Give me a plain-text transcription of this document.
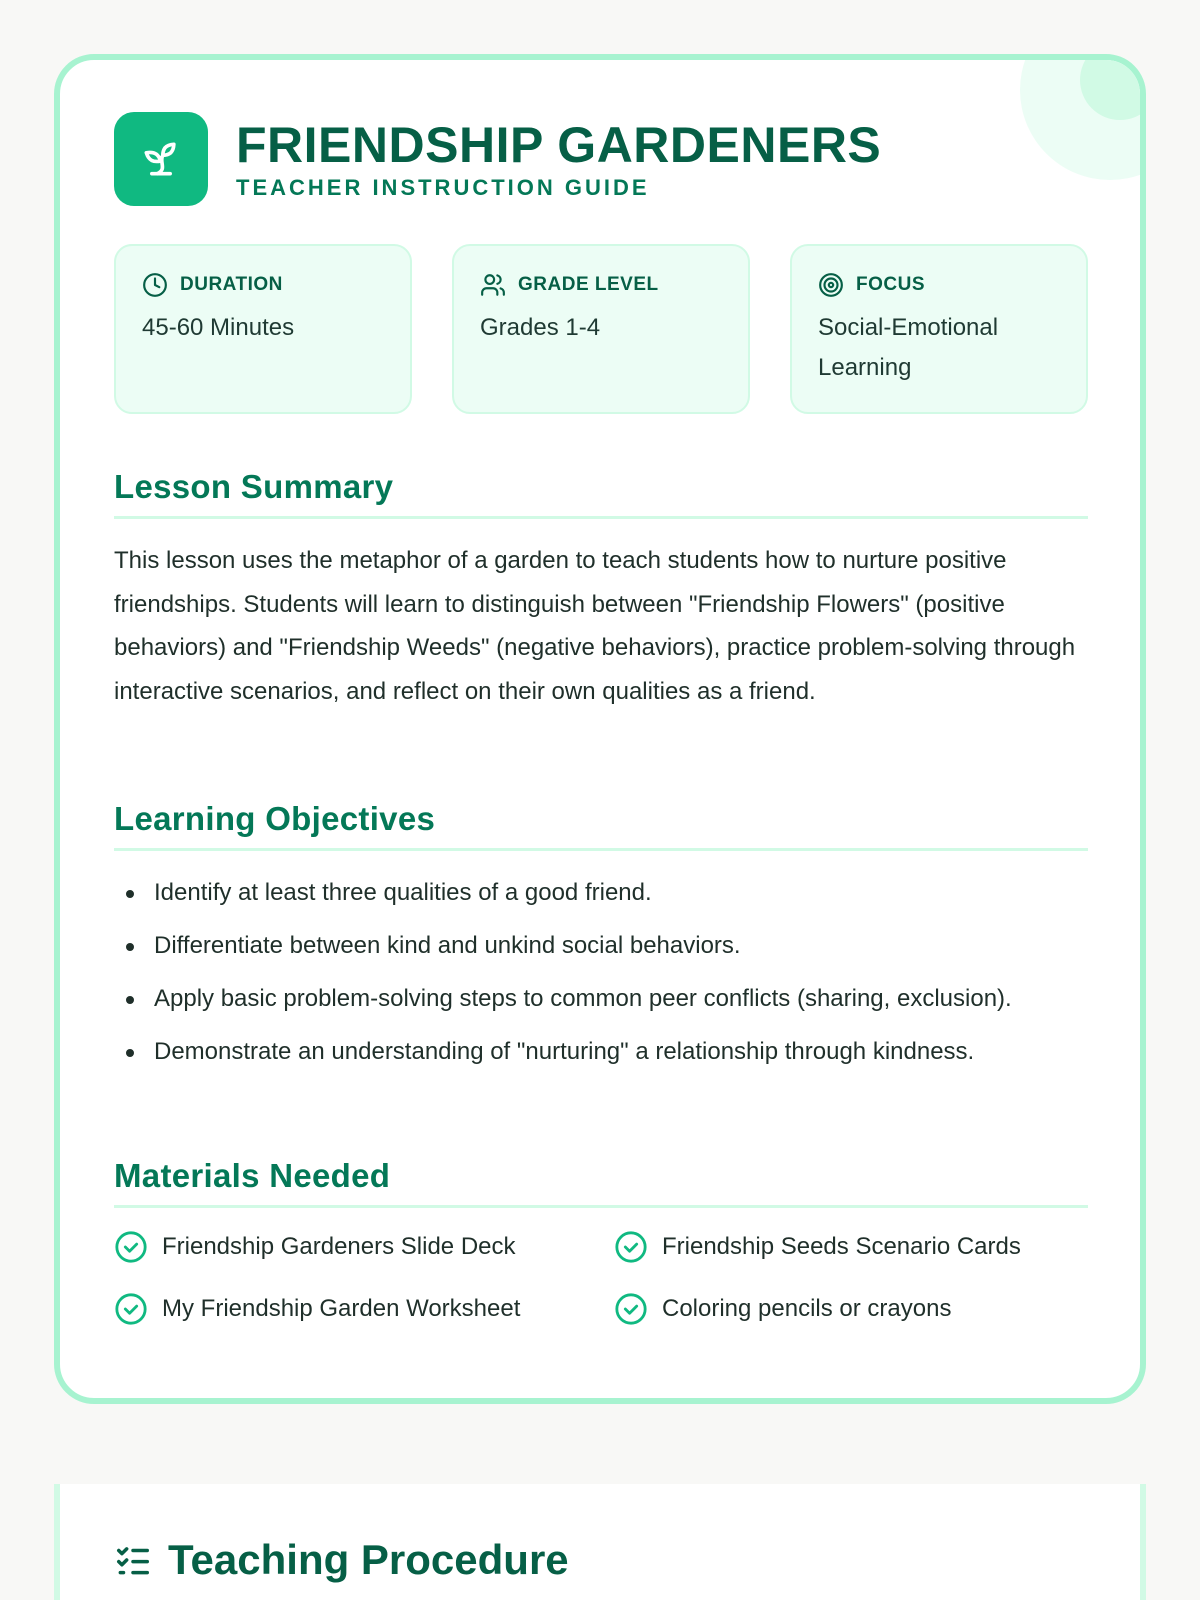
FRIENDSHIP GARDENERS
TEACHER INSTRUCTION GUIDE
DURATION
45-60 Minutes
GRADE LEVEL
Grades 1-4
FOCUS
Social-Emotional Learning
Lesson Summary

This lesson uses the metaphor of a garden to teach students how to nurture positive friendships. Students will learn to distinguish between "Friendship Flowers" (positive behaviors) and "Friendship Weeds" (negative behaviors), practice problem-solving through interactive scenarios, and reflect on their own qualities as a friend.

Learning Objectives
Identify at least three qualities of a good friend.
Differentiate between kind and unkind social behaviors.
Apply basic problem-solving steps to common peer conflicts (sharing, exclusion).
Demonstrate an understanding of "nurturing" a relationship through kindness.
Materials Needed
Friendship Gardeners Slide Deck	Friendship Seeds Scenario Cards
My Friendship Garden Worksheet	Coloring pencils or crayons
Teaching Procedure
